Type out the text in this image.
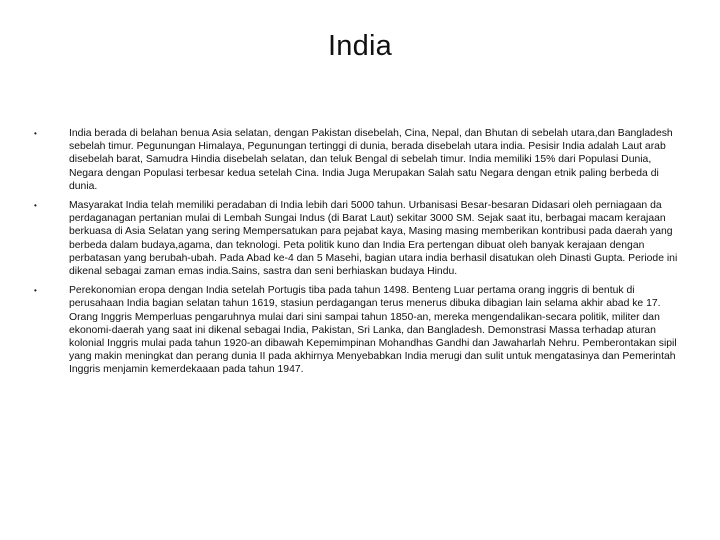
India
•	India berada di belahan benua Asia selatan, dengan Pakistan disebelah, Cina, Nepal, dan Bhutan di sebelah utara,dan Bangladesh sebelah timur. Pegunungan Himalaya, Pegunungan tertinggi di dunia, berada disebelah utara india. Pesisir India adalah Laut arab disebelah barat, Samudra Hindia disebelah selatan, dan teluk Bengal di sebelah timur. India memiliki 15% dari Populasi Dunia, Negara dengan Populasi terbesar kedua setelah Cina. India Juga Merupakan Salah satu Negara dengan etnik paling berbeda di dunia.
•	Masyarakat India telah memiliki peradaban di India lebih dari 5000 tahun. Urbanisasi Besar-besaran Didasari oleh perniagaan da perdaganagan pertanian mulai di Lembah Sungai Indus (di Barat Laut) sekitar 3000 SM. Sejak saat itu, berbagai macam kerajaan berkuasa di Asia Selatan yang sering Mempersatukan para pejabat kaya, Masing masing memberikan kontribusi pada daerah yang berbeda dalam budaya,agama, dan teknologi. Peta politik kuno dan India Era pertengan dibuat oleh banyak kerajaan dengan perbatasan yang berubah-ubah. Pada Abad ke-4 dan 5 Masehi, bagian utara india berhasil disatukan oleh Dinasti Gupta. Periode ini dikenal sebagai zaman emas india.Sains, sastra dan seni berhiaskan budaya Hindu.
•	Perekonomian eropa dengan India setelah Portugis tiba pada tahun 1498. Benteng Luar pertama orang inggris di bentuk di perusahaan India bagian selatan tahun 1619, stasiun perdagangan terus menerus dibuka dibagian lain selama akhir abad ke 17. Orang Inggris Memperluas pengaruhnya mulai dari sini sampai tahun 1850-an, mereka mengendalikan-secara politik, militer dan ekonomi-daerah yang saat ini dikenal sebagai India, Pakistan, Sri Lanka, dan Bangladesh. Demonstrasi Massa terhadap aturan kolonial Inggris mulai pada tahun 1920-an dibawah Kepemimpinan Mohandhas Gandhi dan Jawaharlah Nehru. Pemberontakan sipil yang makin meningkat dan perang dunia II pada akhirnya Menyebabkan India merugi dan sulit untuk mengatasinya dan Pemerintah Inggris menjamin kemerdekaaan pada tahun 1947.
